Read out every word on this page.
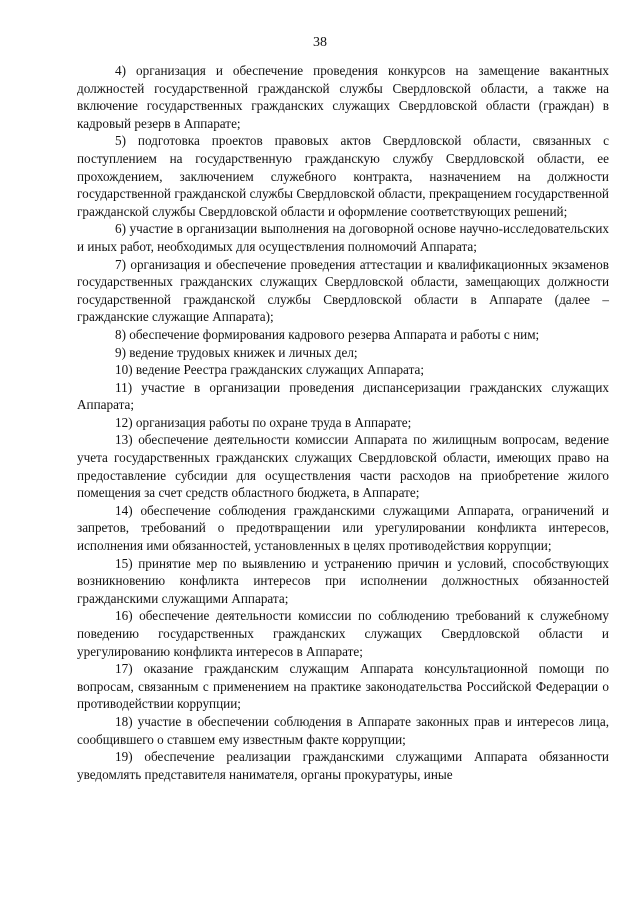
38

4) организация и обеспечение проведения конкурсов на замещение вакантных должностей государственной гражданской службы Свердловской области, а также на включение государственных гражданских служащих Свердловской области (граждан) в кадровый резерв в Аппарате;

5) подготовка проектов правовых актов Свердловской области, связанных с поступлением на государственную гражданскую службу Свердловской области, ее прохождением, заключением служебного контракта, назначением на должности государственной гражданской службы Свердловской области, прекращением государственной гражданской службы Свердловской области и оформление соответствующих решений;

6) участие в организации выполнения на договорной основе научно-исследовательских и иных работ, необходимых для осуществления полномочий Аппарата;

7) организация и обеспечение проведения аттестации и квалификационных экзаменов государственных гражданских служащих Свердловской области, замещающих должности государственной гражданской службы Свердловской области в Аппарате (далее – гражданские служащие Аппарата);

8) обеспечение формирования кадрового резерва Аппарата и работы с ним;

9) ведение трудовых книжек и личных дел;

10) ведение Реестра гражданских служащих Аппарата;

11) участие в организации проведения диспансеризации гражданских служащих Аппарата;

12) организация работы по охране труда в Аппарате;

13) обеспечение деятельности комиссии Аппарата по жилищным вопросам, ведение учета государственных гражданских служащих Свердловской области, имеющих право на предоставление субсидии для осуществления части расходов на приобретение жилого помещения за счет средств областного бюджета, в Аппарате;

14) обеспечение соблюдения гражданскими служащими Аппарата, ограничений и запретов, требований о предотвращении или урегулировании конфликта интересов, исполнения ими обязанностей, установленных в целях противодействия коррупции;

15) принятие мер по выявлению и устранению причин и условий, способствующих возникновению конфликта интересов при исполнении должностных обязанностей гражданскими служащими Аппарата;

16) обеспечение деятельности комиссии по соблюдению требований к служебному поведению государственных гражданских служащих Свердловской области и урегулированию конфликта интересов в Аппарате;

17) оказание гражданским служащим Аппарата консультационной помощи по вопросам, связанным с применением на практике законодательства Российской Федерации о противодействии коррупции;

18) участие в обеспечении соблюдения в Аппарате законных прав и интересов лица, сообщившего о ставшем ему известным факте коррупции;

19) обеспечение реализации гражданскими служащими Аппарата обязанности уведомлять представителя нанимателя, органы прокуратуры, иные
